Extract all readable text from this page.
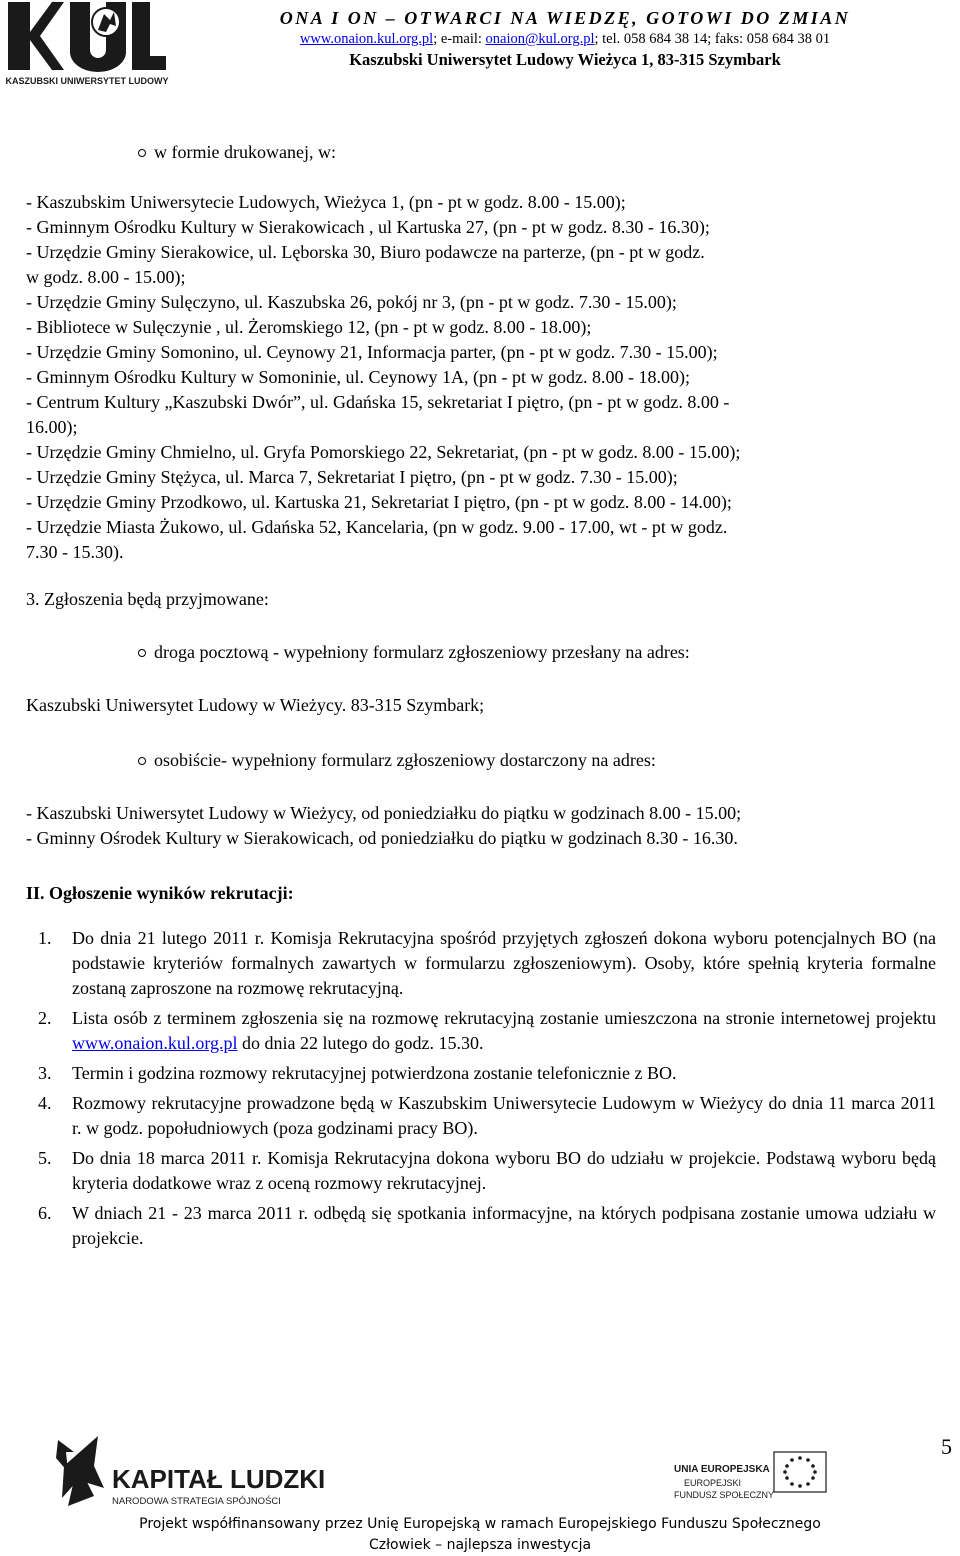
KASZUBSKI UNIWERSYTET LUDOWY
ONA I ON – OTWARCI NA WIEDZĘ, GOTOWI DO ZMIAN
www.onaion.kul.org.pl; e-mail: onaion@kul.org.pl; tel. 058 684 38 14; faks: 058 684 38 01
Kaszubski Uniwersytet Ludowy Wieżyca 1, 83-315 Szymbark

w formie drukowanej, w:

- Kaszubskim Uniwersytecie Ludowych, Wieżyca 1, (pn - pt w godz. 8.00 - 15.00);

- Gminnym Ośrodku Kultury w Sierakowicach , ul Kartuska 27, (pn - pt w godz. 8.30 - 16.30);

- Urzędzie Gminy Sierakowice, ul. Lęborska 30, Biuro podawcze na parterze, (pn - pt w godz.

w godz. 8.00 - 15.00);

- Urzędzie Gminy Sulęczyno, ul. Kaszubska 26, pokój nr 3, (pn - pt w godz. 7.30 - 15.00);

- Bibliotece w Sulęczynie , ul. Żeromskiego 12, (pn - pt w godz. 8.00 - 18.00);

- Urzędzie Gminy Somonino, ul. Ceynowy 21, Informacja parter, (pn - pt w godz. 7.30 - 15.00);

- Gminnym Ośrodku Kultury w Somoninie, ul. Ceynowy 1A, (pn - pt w godz. 8.00 - 18.00);

- Centrum Kultury „Kaszubski Dwór”, ul. Gdańska 15, sekretariat I piętro, (pn - pt w godz. 8.00 -

16.00);

- Urzędzie Gminy Chmielno, ul. Gryfa Pomorskiego 22, Sekretariat, (pn - pt w godz. 8.00 - 15.00);

- Urzędzie Gminy Stężyca, ul. Marca 7, Sekretariat I piętro, (pn - pt w godz. 7.30 - 15.00);

- Urzędzie Gminy Przodkowo, ul. Kartuska 21, Sekretariat I piętro, (pn - pt w godz. 8.00 - 14.00);

- Urzędzie Miasta Żukowo, ul. Gdańska 52, Kancelaria, (pn w godz. 9.00 - 17.00, wt - pt w godz.

7.30 - 15.30).

3. Zgłoszenia będą przyjmowane:

droga pocztową - wypełniony formularz zgłoszeniowy przesłany na adres:

Kaszubski Uniwersytet Ludowy w Wieżycy. 83-315 Szymbark;

osobiście- wypełniony formularz zgłoszeniowy dostarczony na adres:

- Kaszubski Uniwersytet Ludowy w Wieżycy, od poniedziałku do piątku w godzinach 8.00 - 15.00;

- Gminny Ośrodek Kultury w Sierakowicach, od poniedziałku do piątku w godzinach 8.30 - 16.30.

II. Ogłoszenie wyników rekrutacji:

1. Do dnia 21 lutego 2011 r. Komisja Rekrutacyjna spośród przyjętych zgłoszeń dokona wyboru potencjalnych BO (na podstawie kryteriów formalnych zawartych w formularzu zgłoszeniowym). Osoby, które spełnią kryteria formalne zostaną zaproszone na rozmowę rekrutacyjną.
2. Lista osób z terminem zgłoszenia się na rozmowę rekrutacyjną zostanie umieszczona na stronie internetowej projektu www.onaion.kul.org.pl do dnia 22 lutego do godz. 15.30.
3. Termin i godzina rozmowy rekrutacyjnej potwierdzona zostanie telefonicznie z BO.
4. Rozmowy rekrutacyjne prowadzone będą w Kaszubskim Uniwersytecie Ludowym w Wieżycy do dnia 11 marca 2011 r. w godz. popołudniowych (poza godzinami pracy BO).
5. Do dnia 18 marca 2011 r. Komisja Rekrutacyjna dokona wyboru BO do udziału w projekcie. Podstawą wyboru będą kryteria dodatkowe wraz z oceną rozmowy rekrutacyjnej.
6. W dniach 21 - 23 marca 2011 r. odbędą się spotkania informacyjne, na których podpisana zostanie umowa udziału w projekcie.
5
KAPITAŁ LUDZKI
NARODOWA STRATEGIA SPÓJNOŚCI
UNIA EUROPEJSKA
EUROPEJSKI
FUNDUSZ SPOŁECZNY
Projekt współfinansowany przez Unię Europejską w ramach Europejskiego Funduszu Społecznego
Człowiek – najlepsza inwestycja
